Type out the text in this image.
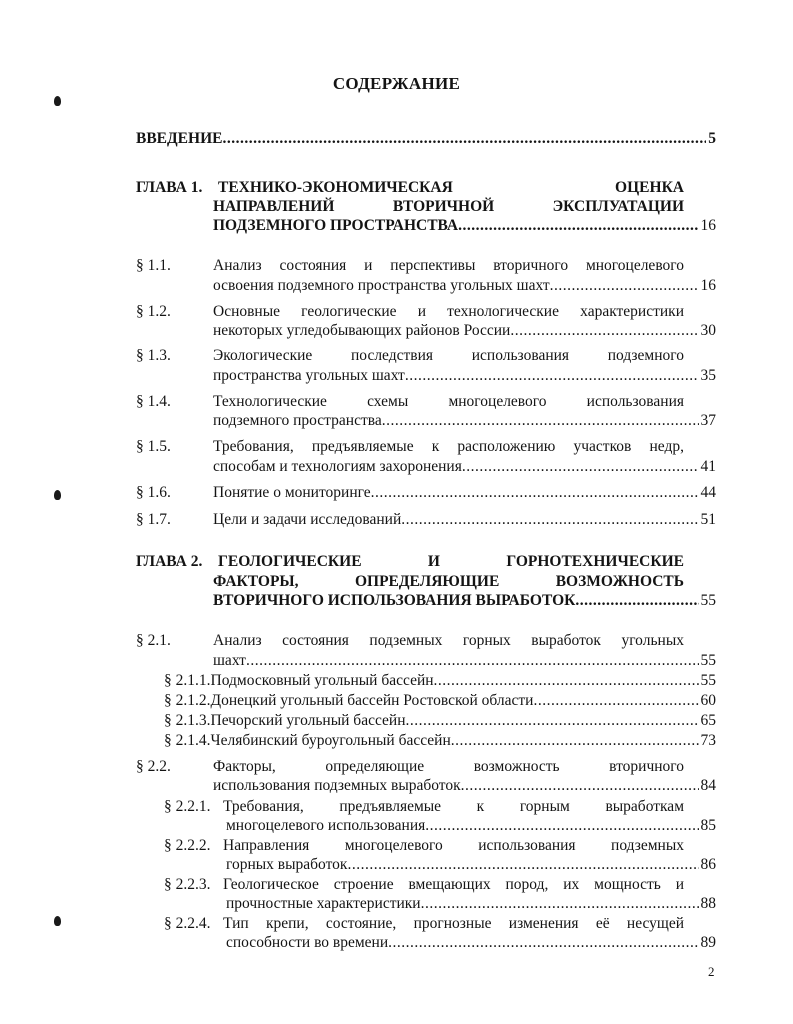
СОДЕРЖАНИЕ
ВВЕДЕНИЕ .....	5
ГЛАВА 1. ТЕХНИКО-ЭКОНОМИЧЕСКАЯ ОЦЕНКА
НАПРАВЛЕНИЙ ВТОРИЧНОЙ ЭКСПЛУАТАЦИИ
ПОДЗЕМНОГО ПРОСТРАНСТВА .....	16
§ 1.1.	Анализ состояния и перспективы вторичного многоцелевого
освоения подземного пространства угольных шахт .....	16
§ 1.2.	Основные геологические и технологические характеристики
некоторых угледобывающих районов России .....	30
§ 1.3.	Экологические последствия использования подземного
пространства угольных шахт .....	35
§ 1.4.	Технологические схемы многоцелевого использования
подземного пространства .....	37
§ 1.5.	Требования, предъявляемые к расположению участков недр,
способам и технологиям захоронения .....	41
§ 1.6.	Понятие о мониторинге .....	44
§ 1.7.	Цели и задачи исследований .....	51
ГЛАВА 2. ГЕОЛОГИЧЕСКИЕ И ГОРНОТЕХНИЧЕСКИЕ
ФАКТОРЫ, ОПРЕДЕЛЯЮЩИЕ ВОЗМОЖНОСТЬ
ВТОРИЧНОГО ИСПОЛЬЗОВАНИЯ ВЫРАБОТОК .....	55
§ 2.1.	Анализ состояния подземных горных выработок угольных
шахт .....	55
§ 2.1.1.Подмосковный угольный бассейн .....	55
§ 2.1.2.Донецкий угольный бассейн Ростовской области .....	60
§ 2.1.3.Печорский угольный бассейн .....	65
§ 2.1.4.Челябинский буроугольный бассейн .....	73
§ 2.2.	Факторы, определяющие возможность вторичного
использования подземных выработок .....	84
§ 2.2.1. Требования, предъявляемые к горным выработкам
многоцелевого использования .....	85
§ 2.2.2. Направления многоцелевого использования подземных
горных выработок .....	86
§ 2.2.3. Геологическое строение вмещающих пород, их мощность и
прочностные характеристики .....	88
§ 2.2.4. Тип крепи, состояние, прогнозные изменения её несущей
способности во времени .....	89
2
